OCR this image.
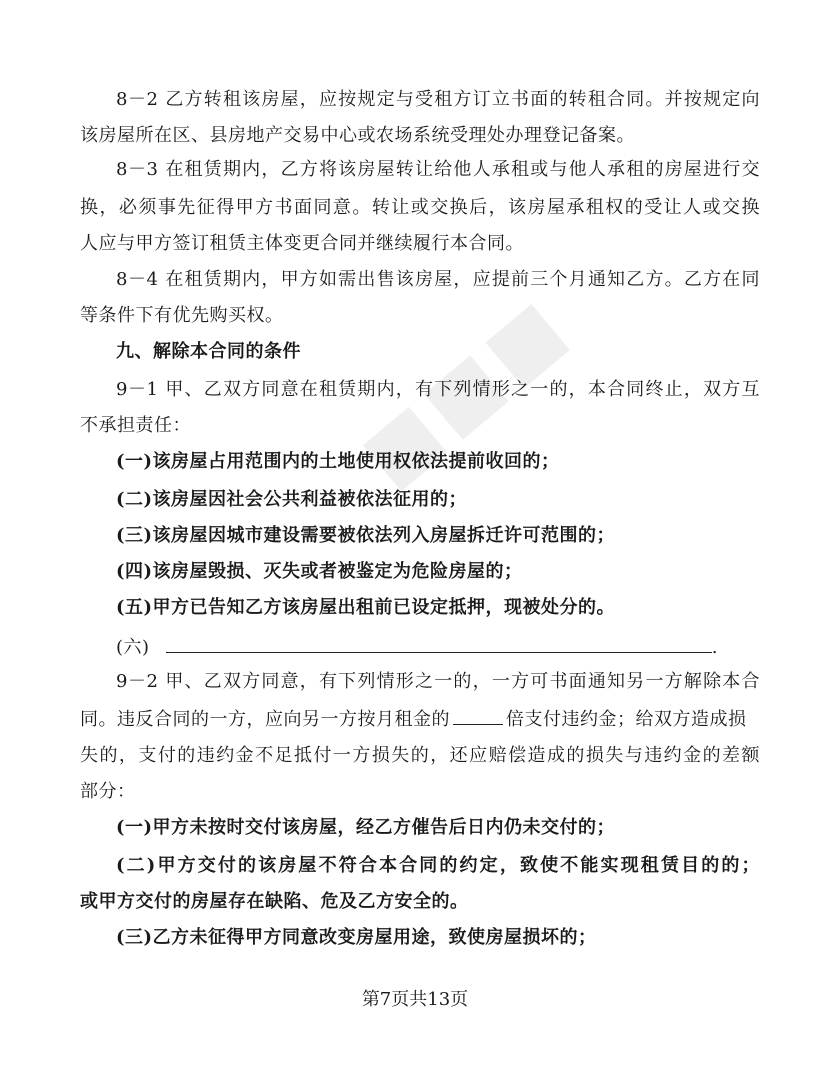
8－2 乙方转租该房屋，应按规定与受租方订立书面的转租合同。并按规定向
该房屋所在区、县房地产交易中心或农场系统受理处办理登记备案。
8－3 在租赁期内，乙方将该房屋转让给他人承租或与他人承租的房屋进行交
换，必须事先征得甲方书面同意。转让或交换后，该房屋承租权的受让人或交换
人应与甲方签订租赁主体变更合同并继续履行本合同。
8－4 在租赁期内，甲方如需出售该房屋，应提前三个月通知乙方。乙方在同
等条件下有优先购买权。
九、解除本合同的条件
9－1 甲、乙双方同意在租赁期内，有下列情形之一的，本合同终止，双方互
不承担责任：
(一)该房屋占用范围内的土地使用权依法提前收回的；
(二)该房屋因社会公共利益被依法征用的；
(三)该房屋因城市建设需要被依法列入房屋拆迁许可范围的；
(四)该房屋毁损、灭失或者被鉴定为危险房屋的；
(五)甲方已告知乙方该房屋出租前已设定抵押，现被处分的。
(六)	.
9－2 甲、乙双方同意，有下列情形之一的，一方可书面通知另一方解除本合
同。违反合同的一方，应向另一方按月租金的	倍支付违约金；给双方造成损
失的，支付的违约金不足抵付一方损失的，还应赔偿造成的损失与违约金的差额
部分：
(一)甲方未按时交付该房屋，经乙方催告后日内仍未交付的；
(二)甲方交付的该房屋不符合本合同的约定，致使不能实现租赁目的的；
或甲方交付的房屋存在缺陷、危及乙方安全的。
(三)乙方未征得甲方同意改变房屋用途，致使房屋损坏的；
第7页共13页
